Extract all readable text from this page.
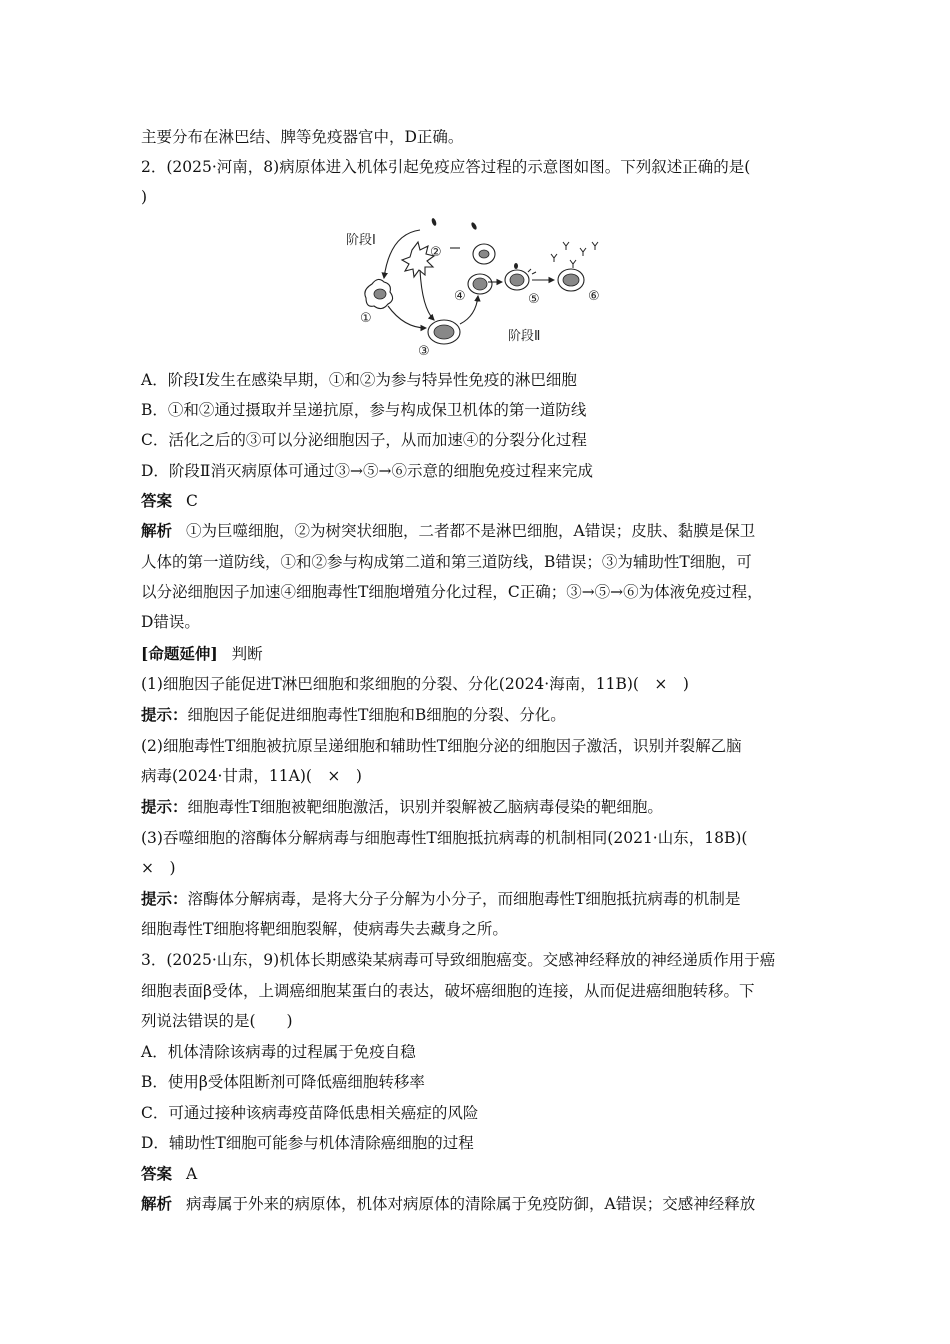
主要分布在淋巴结、脾等免疫器官中，D正确。
2．(2025·河南，8)病原体进入机体引起免疫应答过程的示意图如图。下列叙述正确的是(
)
阶段Ⅰ
阶段Ⅱ
①
②
③
④	⑤	⑥
A．阶段Ⅰ发生在感染早期，①和②为参与特异性免疫的淋巴细胞
B．①和②通过摄取并呈递抗原，参与构成保卫机体的第一道防线
C．活化之后的③可以分泌细胞因子，从而加速④的分裂分化过程
D．阶段Ⅱ消灭病原体可通过③→⑤→⑥示意的细胞免疫过程来完成
答案 C
解析 ①为巨噬细胞，②为树突状细胞，二者都不是淋巴细胞，A错误；皮肤、黏膜是保卫
人体的第一道防线，①和②参与构成第二道和第三道防线，B错误；③为辅助性T细胞，可
以分泌细胞因子加速④细胞毒性T细胞增殖分化过程，C正确；③→⑤→⑥为体液免疫过程，
D错误。
[命题延伸] 判断
(1)细胞因子能促进T淋巴细胞和浆细胞的分裂、分化(2024·海南，11B)(　×　)
提示：细胞因子能促进细胞毒性T细胞和B细胞的分裂、分化。
(2)细胞毒性T细胞被抗原呈递细胞和辅助性T细胞分泌的细胞因子激活，识别并裂解乙脑
病毒(2024·甘肃，11A)(　×　)
提示：细胞毒性T细胞被靶细胞激活，识别并裂解被乙脑病毒侵染的靶细胞。
(3)吞噬细胞的溶酶体分解病毒与细胞毒性T细胞抵抗病毒的机制相同(2021·山东，18B)(
×　)
提示：溶酶体分解病毒，是将大分子分解为小分子，而细胞毒性T细胞抵抗病毒的机制是
细胞毒性T细胞将靶细胞裂解，使病毒失去藏身之所。
3．(2025·山东，9)机体长期感染某病毒可导致细胞癌变。交感神经释放的神经递质作用于癌
细胞表面β受体，上调癌细胞某蛋白的表达，破坏癌细胞的连接，从而促进癌细胞转移。下
列说法错误的是(　　)
A．机体清除该病毒的过程属于免疫自稳
B．使用β受体阻断剂可降低癌细胞转移率
C．可通过接种该病毒疫苗降低患相关癌症的风险
D．辅助性T细胞可能参与机体清除癌细胞的过程
答案 A
解析 病毒属于外来的病原体，机体对病原体的清除属于免疫防御，A错误；交感神经释放
